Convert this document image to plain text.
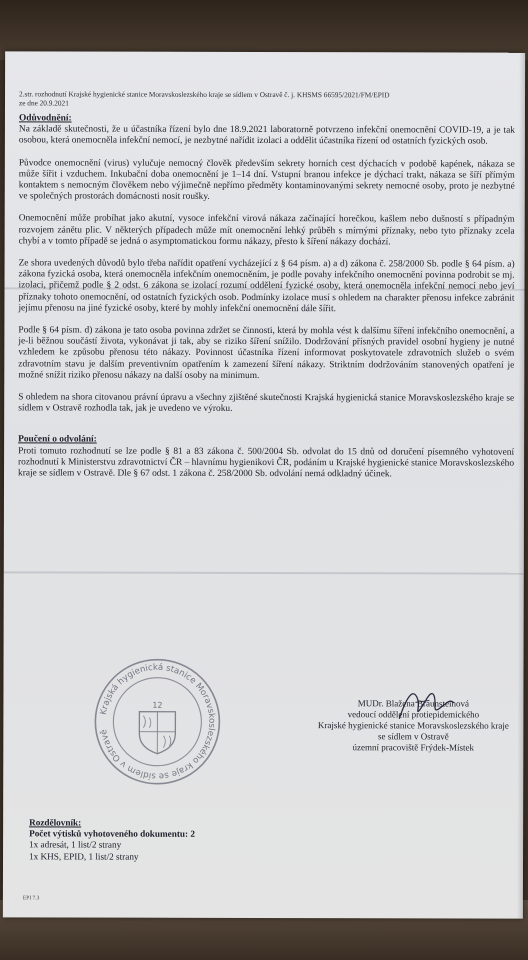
2.str. rozhodnutí Krajské hygienické stanice Moravskoslezského kraje se sídlem v Ostravě č. j. KHSMS 66595/2021/FM/EPID
ze dne 20.9.2021
Odůvodnění:

Na základě skutečnosti, že u účastníka řízení bylo dne 18.9.2021 laboratorně potvrzeno infekční onemocnění COVID-19, a je tak osobou, která onemocněla infekční nemocí, je nezbytné nařídit izolaci a oddělit účastníka řízení od ostatních fyzických osob.

Původce onemocnění (virus) vylučuje nemocný člověk především sekrety horních cest dýchacích v podobě kapének, nákaza se může šířit i vzduchem. Inkubační doba onemocnění je 1–14 dní. Vstupní branou infekce je dýchací trakt, nákaza se šíří přímým kontaktem s nemocným člověkem nebo výjimečně nepřímo předměty kontaminovanými sekrety nemocné osoby, proto je nezbytné ve společných prostorách domácnosti nosit roušky.

Onemocnění může probíhat jako akutní, vysoce infekční virová nákaza začínající horečkou, kašlem nebo dušností s případným rozvojem zánětu plic. V některých případech může mít onemocnění lehký průběh s mírnými příznaky, nebo tyto příznaky zcela chybí a v tomto případě se jedná o asymptomatickou formu nákazy, přesto k šíření nákazy dochází.

Ze shora uvedených důvodů bylo třeba nařídit opatření vycházející z § 64 písm. a) a d) zákona č. 258/2000 Sb. podle § 64 písm. a) zákona fyzická osoba, která onemocněla infekčním onemocněním, je podle povahy infekčního onemocnění povinna podrobit se mj. izolaci, přičemž podle § 2 odst. 6 zákona se izolací rozumí oddělení fyzické osoby, která onemocněla infekční nemocí nebo jeví příznaky tohoto onemocnění, od ostatních fyzických osob. Podmínky izolace musí s ohledem na charakter přenosu infekce zabránit jejímu přenosu na jiné fyzické osoby, které by mohly infekční onemocnění dále šířit.

Podle § 64 písm. d) zákona je tato osoba povinna zdržet se činnosti, která by mohla vést k dalšímu šíření infekčního onemocnění, a je-li běžnou součástí života, vykonávat ji tak, aby se riziko šíření snížilo. Dodržování přísných pravidel osobní hygieny je nutné vzhledem ke způsobu přenosu této nákazy. Povinnost účastníka řízení informovat poskytovatele zdravotních služeb o svém zdravotním stavu je dalším preventivním opatřením k zamezení šíření nákazy. Striktním dodržováním stanovených opatření je možné snížit riziko přenosu nákazy na další osoby na minimum.

S ohledem na shora citovanou právní úpravu a všechny zjištěné skutečnosti Krajská hygienická stanice Moravskoslezského kraje se sídlem v Ostravě rozhodla tak, jak je uvedeno ve výroku.

Poučení o odvolání:

Proti tomuto rozhodnutí se lze podle § 81 a 83 zákona č. 500/2004 Sb. odvolat do 15 dnů od doručení písemného vyhotovení rozhodnutí k Ministerstvu zdravotnictví ČR – hlavnímu hygienikovi ČR, podáním u Krajské hygienické stanice Moravskoslezského kraje se sídlem v Ostravě. Dle § 67 odst. 1 zákona č. 258/2000 Sb. odvolání nemá odkladný účinek.

Krajská hygienická stanice Moravskoslezského kraje se sídlem v Ostravě
12	MUDr. Blažena Braunsteinová
vedoucí oddělení protiepidemického
Krajské hygienické stanice Moravskoslezského kraje
se sídlem v Ostravě
územní pracoviště Frýdek-Místek
Rozdělovník:
Počet výtisků vyhotoveného dokumentu: 2
1x adresát, 1 list/2 strany
1x KHS, EPID, 1 list/2 strany
EPI 7.3
